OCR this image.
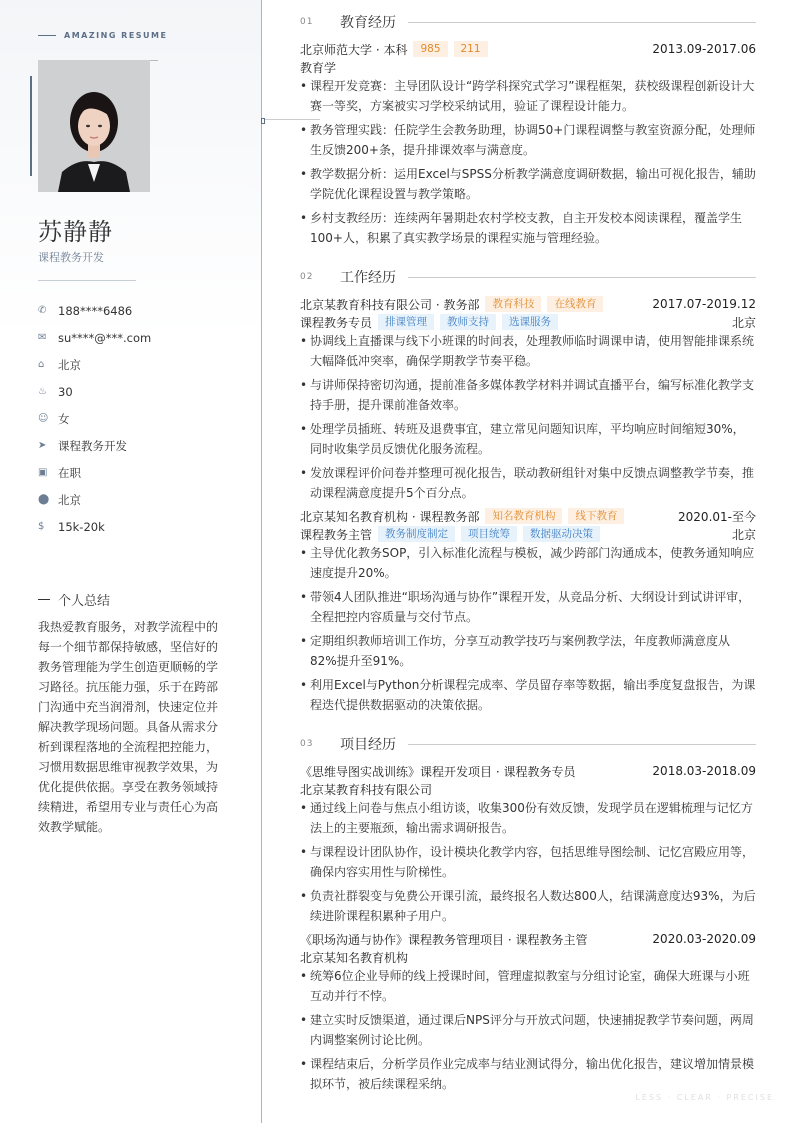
AMAZING RESUME
苏静静
课程教务开发
✆	188****6486
✉	su****@***.com
⌂	北京
♨ 30
☺ 女
➤	课程教务开发
▣ 在职
⬤ 北京
$	15k-20k
个人总结
我热爱教育服务，对教学流程中的每一个细节都保持敏感，坚信好的教务管理能为学生创造更顺畅的学习路径。抗压能力强，乐于在跨部门沟通中充当润滑剂，快速定位并解决教学现场问题。具备从需求分析到课程落地的全流程把控能力，习惯用数据思维审视教学效果，为优化提供依据。享受在教务领域持续精进，希望用专业与责任心为高效教学赋能。
01	教育经历
北京师范大学 · 本科	985	211	2013.09-2017.06
教育学
• 课程开发竞赛：主导团队设计“跨学科探究式学习”课程框架，获校级课程创新设计大赛一等奖，方案被实习学校采纳试用，验证了课程设计能力。
• 教务管理实践：任院学生会教务助理，协调50+门课程调整与教室资源分配，处理师生反馈200+条，提升排课效率与满意度。
• 教学数据分析：运用Excel与SPSS分析教学满意度调研数据，输出可视化报告，辅助学院优化课程设置与教学策略。
• 乡村支教经历：连续两年暑期赴农村学校支教，自主开发校本阅读课程，覆盖学生100+人，积累了真实教学场景的课程实施与管理经验。
02	工作经历
北京某教育科技有限公司 · 教务部	教育科技	在线教育	2017.07-2019.12
课程教务专员	排课管理	教师支持	选课服务	北京
• 协调线上直播课与线下小班课的时间表，处理教师临时调课申请，使用智能排课系统大幅降低冲突率，确保学期教学节奏平稳。
• 与讲师保持密切沟通，提前准备多媒体教学材料并调试直播平台，编写标准化教学支持手册，提升课前准备效率。
• 处理学员插班、转班及退费事宜，建立常见问题知识库，平均响应时间缩短30%，同时收集学员反馈优化服务流程。
• 发放课程评价问卷并整理可视化报告，联动教研组针对集中反馈点调整教学节奏，推动课程满意度提升5个百分点。
北京某知名教育机构 · 课程教务部	知名教育机构	线下教育	2020.01-至今
课程教务主管	教务制度制定	项目统筹	数据驱动决策	北京
• 主导优化教务SOP，引入标准化流程与模板，减少跨部门沟通成本，使教务通知响应速度提升20%。
• 带领4人团队推进“职场沟通与协作”课程开发，从竞品分析、大纲设计到试讲评审，全程把控内容质量与交付节点。
• 定期组织教师培训工作坊，分享互动教学技巧与案例教学法，年度教师满意度从82%提升至91%。
• 利用Excel与Python分析课程完成率、学员留存率等数据，输出季度复盘报告，为课程迭代提供数据驱动的决策依据。
03	项目经历
《思维导图实战训练》课程开发项目 · 课程教务专员	2018.03-2018.09
北京某教育科技有限公司
• 通过线上问卷与焦点小组访谈，收集300份有效反馈，发现学员在逻辑梳理与记忆方法上的主要瓶颈，输出需求调研报告。
• 与课程设计团队协作，设计模块化教学内容，包括思维导图绘制、记忆宫殿应用等，确保内容实用性与阶梯性。
• 负责社群裂变与免费公开课引流，最终报名人数达800人，结课满意度达93%，为后续进阶课程积累种子用户。
《职场沟通与协作》课程教务管理项目 · 课程教务主管	2020.03-2020.09
北京某知名教育机构
• 统筹6位企业导师的线上授课时间，管理虚拟教室与分组讨论室，确保大班课与小班互动并行不悖。
• 建立实时反馈渠道，通过课后NPS评分与开放式问题，快速捕捉教学节奏问题，两周内调整案例讨论比例。
• 课程结束后，分析学员作业完成率与结业测试得分，输出优化报告，建议增加情景模拟环节，被后续课程采纳。
LESS · CLEAR · PRECISE
